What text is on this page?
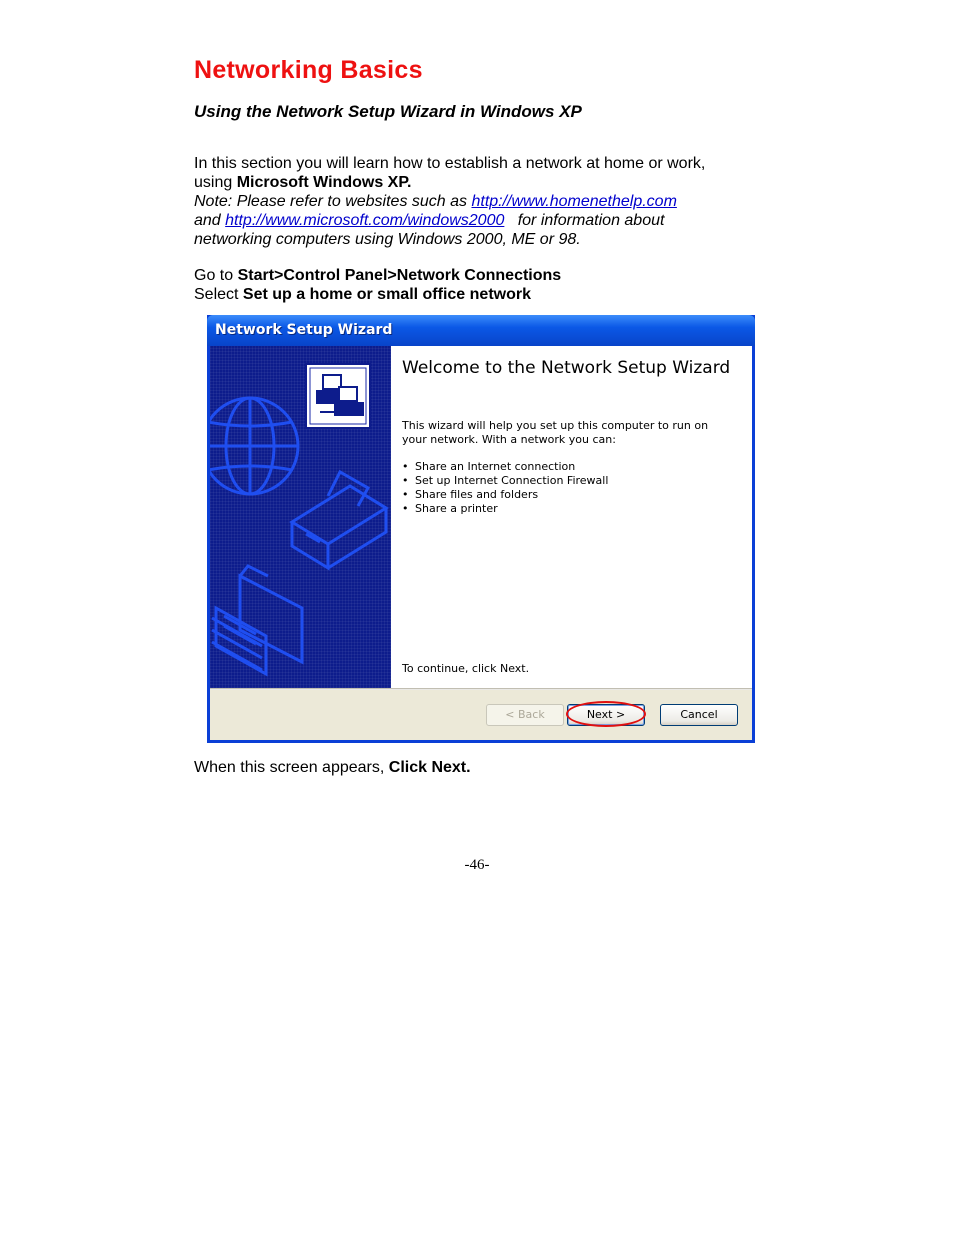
Networking Basics
Using the Network Setup Wizard in Windows XP
In this section you will learn how to establish a network at home or work,
using Microsoft Windows XP.
Note: Please refer to websites such as http://www.homenethelp.com
and http://www.microsoft.com/windows2000   for information about
networking computers using Windows 2000, ME or 98.
Go to Start>Control Panel>Network Connections
Select Set up a home or small office network
Network Setup Wizard
Welcome to the Network Setup Wizard
This wizard will help you set up this computer to run on your network. With a network you can:
• Share an Internet connection
• Set up Internet Connection Firewall
• Share files and folders
• Share a printer
To continue, click Next.
< Back	Next >	Cancel
When this screen appears, Click Next.
-46-
